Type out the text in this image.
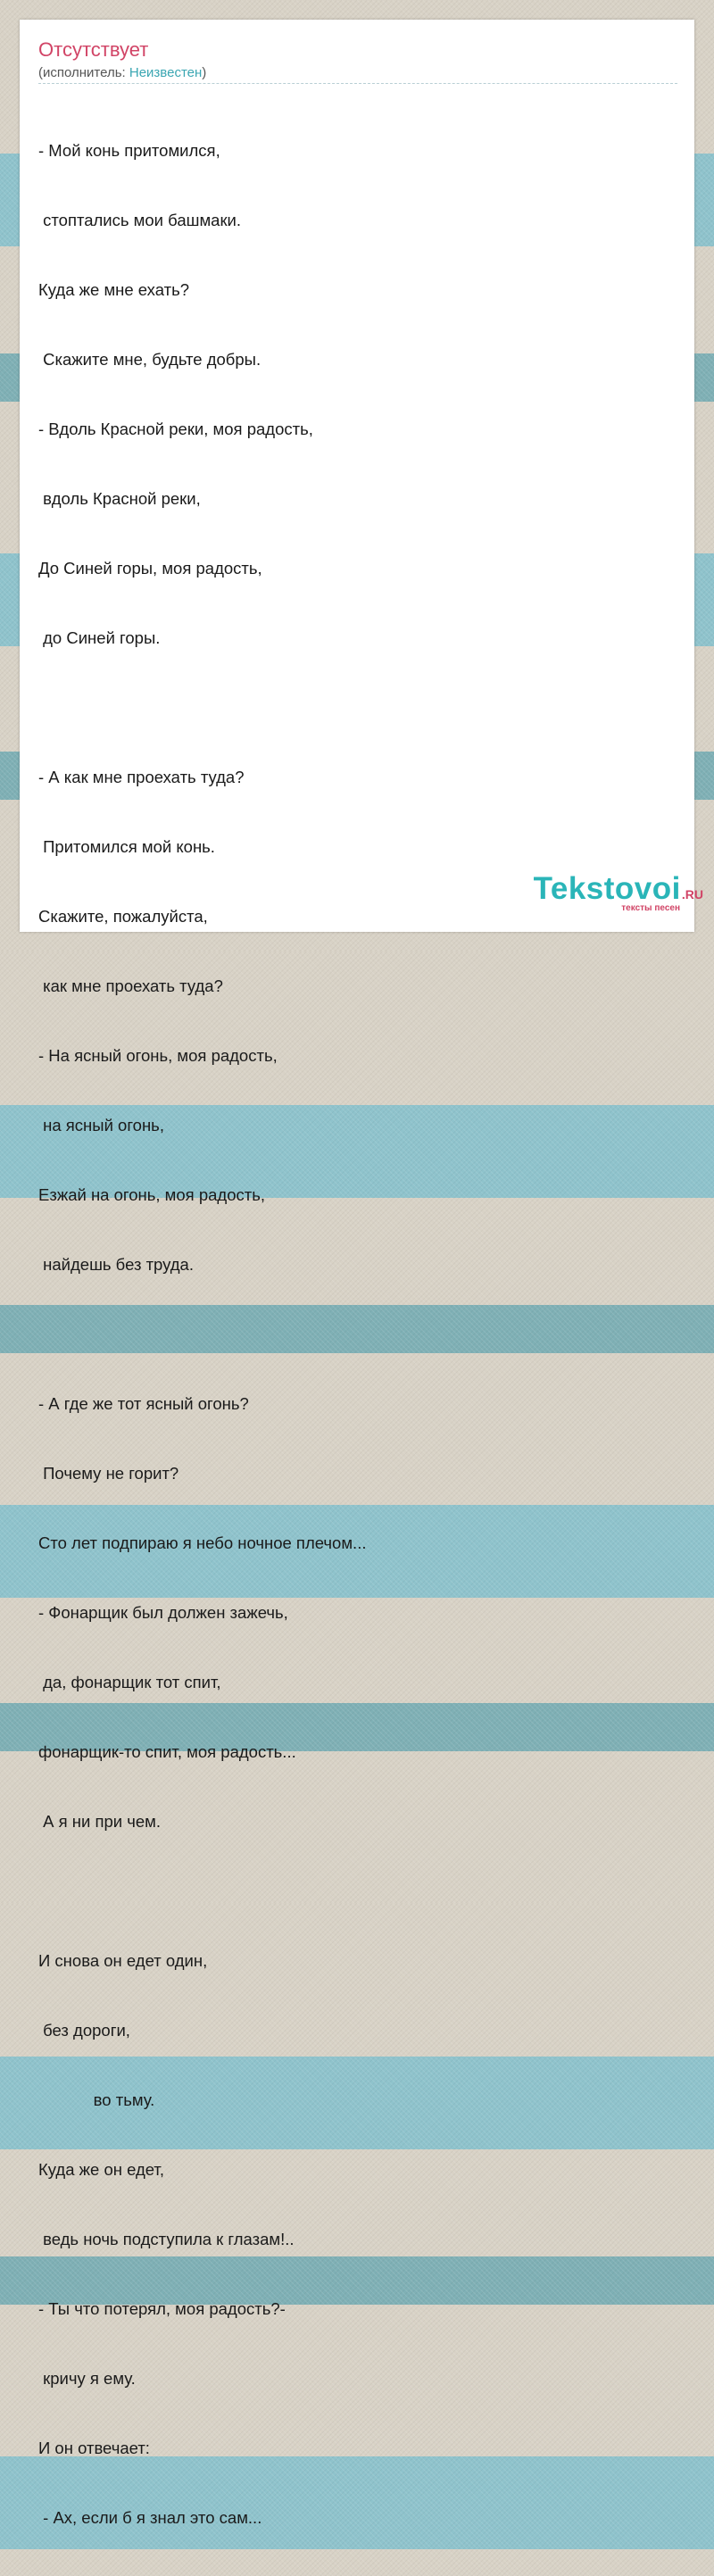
Отсутствует
(исполнитель: Неизвестен)

- Мой конь притомился,

стоптались мои башмаки.

Куда же мне ехать?

Скажите мне, будьте добры.

- Вдоль Красной реки, моя радость,

вдоль Красной реки,

До Синей горы, моя радость,

до Синей горы.

- А как мне проехать туда?

Притомился мой конь.

Скажите, пожалуйста,

как мне проехать туда?

- На ясный огонь, моя радость,

на ясный огонь,

Езжай на огонь, моя радость,

найдешь без труда.

- А где же тот ясный огонь?

Почему не горит?

Сто лет подпираю я небо ночное плечом...

- Фонарщик был должен зажечь,

да, фонарщик тот спит,

фонарщик-то спит, моя радость...

А я ни при чем.

И снова он едет один,

без дороги,

во тьму.

Куда же он едет,

ведь ночь подступила к глазам!..

- Ты что потерял, моя радость?-

кричу я ему.

И он отвечает:

- Ах, если б я знал это сам...

Tekstovoi.RU
тексты песен
